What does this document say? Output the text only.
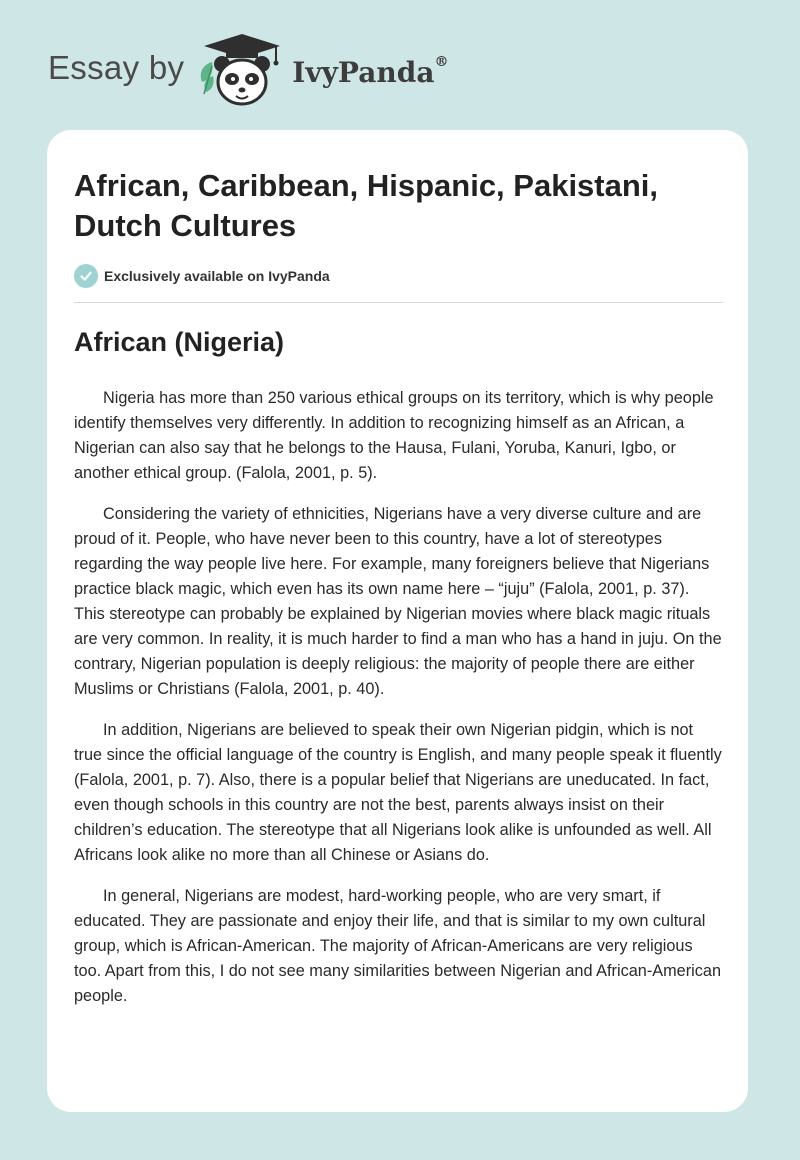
Essay by	IvyPanda®
African, Caribbean, Hispanic, Pakistani, Dutch Cultures
Exclusively available on IvyPanda
African (Nigeria)

Nigeria has more than 250 various ethical groups on its territory, which is why people identify themselves very differently. In addition to recognizing himself as an African, a Nigerian can also say that he belongs to the Hausa, Fulani, Yoruba, Kanuri, Igbo, or another ethical group. (Falola, 2001, p. 5).

Considering the variety of ethnicities, Nigerians have a very diverse culture and are proud of it. People, who have never been to this country, have a lot of stereotypes regarding the way people live here. For example, many foreigners believe that Nigerians practice black magic, which even has its own name here – “juju” (Falola, 2001, p. 37). This stereotype can probably be explained by Nigerian movies where black magic rituals are very common. In reality, it is much harder to find a man who has a hand in juju. On the contrary, Nigerian population is deeply religious: the majority of people there are either Muslims or Christians (Falola, 2001, p. 40).

In addition, Nigerians are believed to speak their own Nigerian pidgin, which is not true since the official language of the country is English, and many people speak it fluently (Falola, 2001, p. 7). Also, there is a popular belief that Nigerians are uneducated. In fact, even though schools in this country are not the best, parents always insist on their children’s education. The stereotype that all Nigerians look alike is unfounded as well. All Africans look alike no more than all Chinese or Asians do.

In general, Nigerians are modest, hard-working people, who are very smart, if educated. They are passionate and enjoy their life, and that is similar to my own cultural group, which is African-American. The majority of African-Americans are very religious too. Apart from this, I do not see many similarities between Nigerian and African-American people.
